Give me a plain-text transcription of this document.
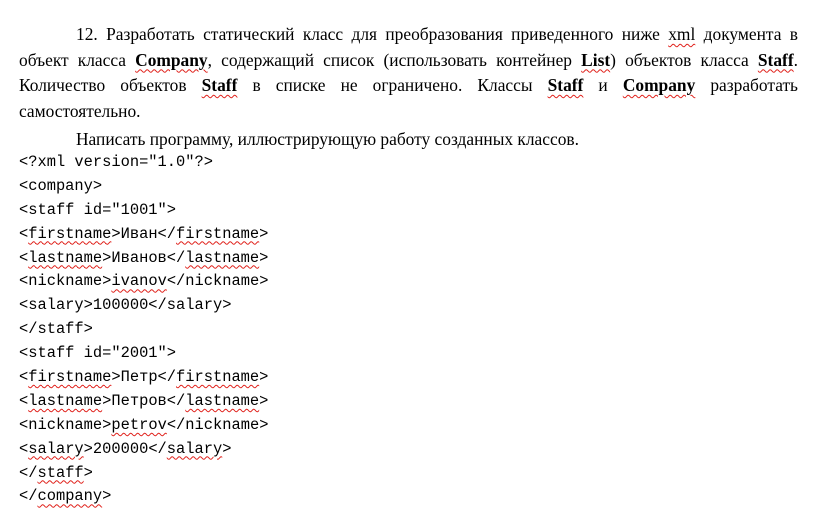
12. Разработать статический класс для преобразования приведенного ниже xml документа в объект класса Company, содержащий список (использовать контейнер List) объектов класса Staff. Количество объектов Staff в списке не ограничено. Классы Staff и Company разработать самостоятельно.

Написать программу, иллюстрирующую работу созданных классов.

<?xml version="1.0"?>
<company>
<staff id="1001">
<firstname>Иван</firstname>
<lastname>Иванов</lastname>
<nickname>ivanov</nickname>
<salary>100000</salary>
</staff>
<staff id="2001">
<firstname>Петр</firstname>
<lastname>Петров</lastname>
<nickname>petrov</nickname>
<salary>200000</salary>
</staff>
</company>
